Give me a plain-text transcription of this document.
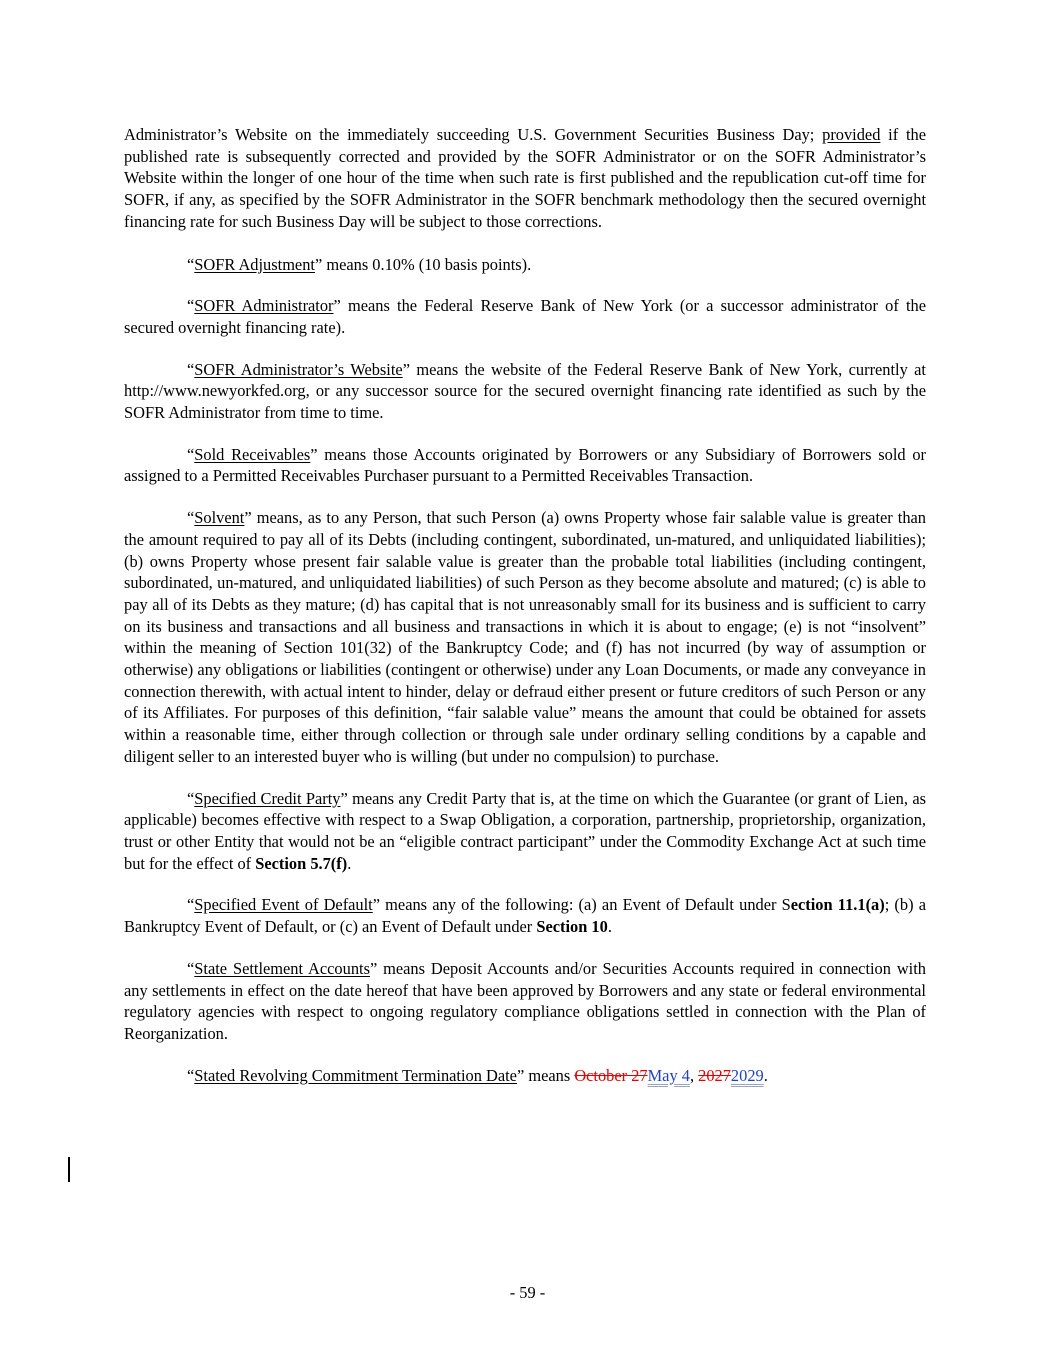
Administrator’s Website on the immediately succeeding U.S. Government Securities Business Day; provided if the published rate is subsequently corrected and provided by the SOFR Administrator or on the SOFR Administrator’s Website within the longer of one hour of the time when such rate is first published and the republication cut-off time for SOFR, if any, as specified by the SOFR Administrator in the SOFR benchmark methodology then the secured overnight financing rate for such Business Day will be subject to those corrections.

“SOFR Adjustment” means 0.10% (10 basis points).

“SOFR Administrator” means the Federal Reserve Bank of New York (or a successor administrator of the secured overnight financing rate).

“SOFR Administrator’s Website” means the website of the Federal Reserve Bank of New York, currently at http://www.newyorkfed.org, or any successor source for the secured overnight financing rate identified as such by the SOFR Administrator from time to time.

“Sold Receivables” means those Accounts originated by Borrowers or any Subsidiary of Borrowers sold or assigned to a Permitted Receivables Purchaser pursuant to a Permitted Receivables Transaction.

“Solvent” means, as to any Person, that such Person (a) owns Property whose fair salable value is greater than the amount required to pay all of its Debts (including contingent, subordinated, un-matured, and unliquidated liabilities); (b) owns Property whose present fair salable value is greater than the probable total liabilities (including contingent, subordinated, un-matured, and unliquidated liabilities) of such Person as they become absolute and matured; (c) is able to pay all of its Debts as they mature; (d) has capital that is not unreasonably small for its business and is sufficient to carry on its business and transactions and all business and transactions in which it is about to engage; (e) is not “insolvent” within the meaning of Section 101(32) of the Bankruptcy Code; and (f) has not incurred (by way of assumption or otherwise) any obligations or liabilities (contingent or otherwise) under any Loan Documents, or made any conveyance in connection therewith, with actual intent to hinder, delay or defraud either present or future creditors of such Person or any of its Affiliates. For purposes of this definition, “fair salable value” means the amount that could be obtained for assets within a reasonable time, either through collection or through sale under ordinary selling conditions by a capable and diligent seller to an interested buyer who is willing (but under no compulsion) to purchase.

“Specified Credit Party” means any Credit Party that is, at the time on which the Guarantee (or grant of Lien, as applicable) becomes effective with respect to a Swap Obligation, a corporation, partnership, proprietorship, organization, trust or other Entity that would not be an “eligible contract participant” under the Commodity Exchange Act at such time but for the effect of Section 5.7(f).

“Specified Event of Default” means any of the following: (a) an Event of Default under Section 11.1(a); (b) a Bankruptcy Event of Default, or (c) an Event of Default under Section 10.

“State Settlement Accounts” means Deposit Accounts and/or Securities Accounts required in connection with any settlements in effect on the date hereof that have been approved by Borrowers and any state or federal environmental regulatory agencies with respect to ongoing regulatory compliance obligations settled in connection with the Plan of Reorganization.

“Stated Revolving Commitment Termination Date” means October 27May 4, 20272029.

- 59 -
